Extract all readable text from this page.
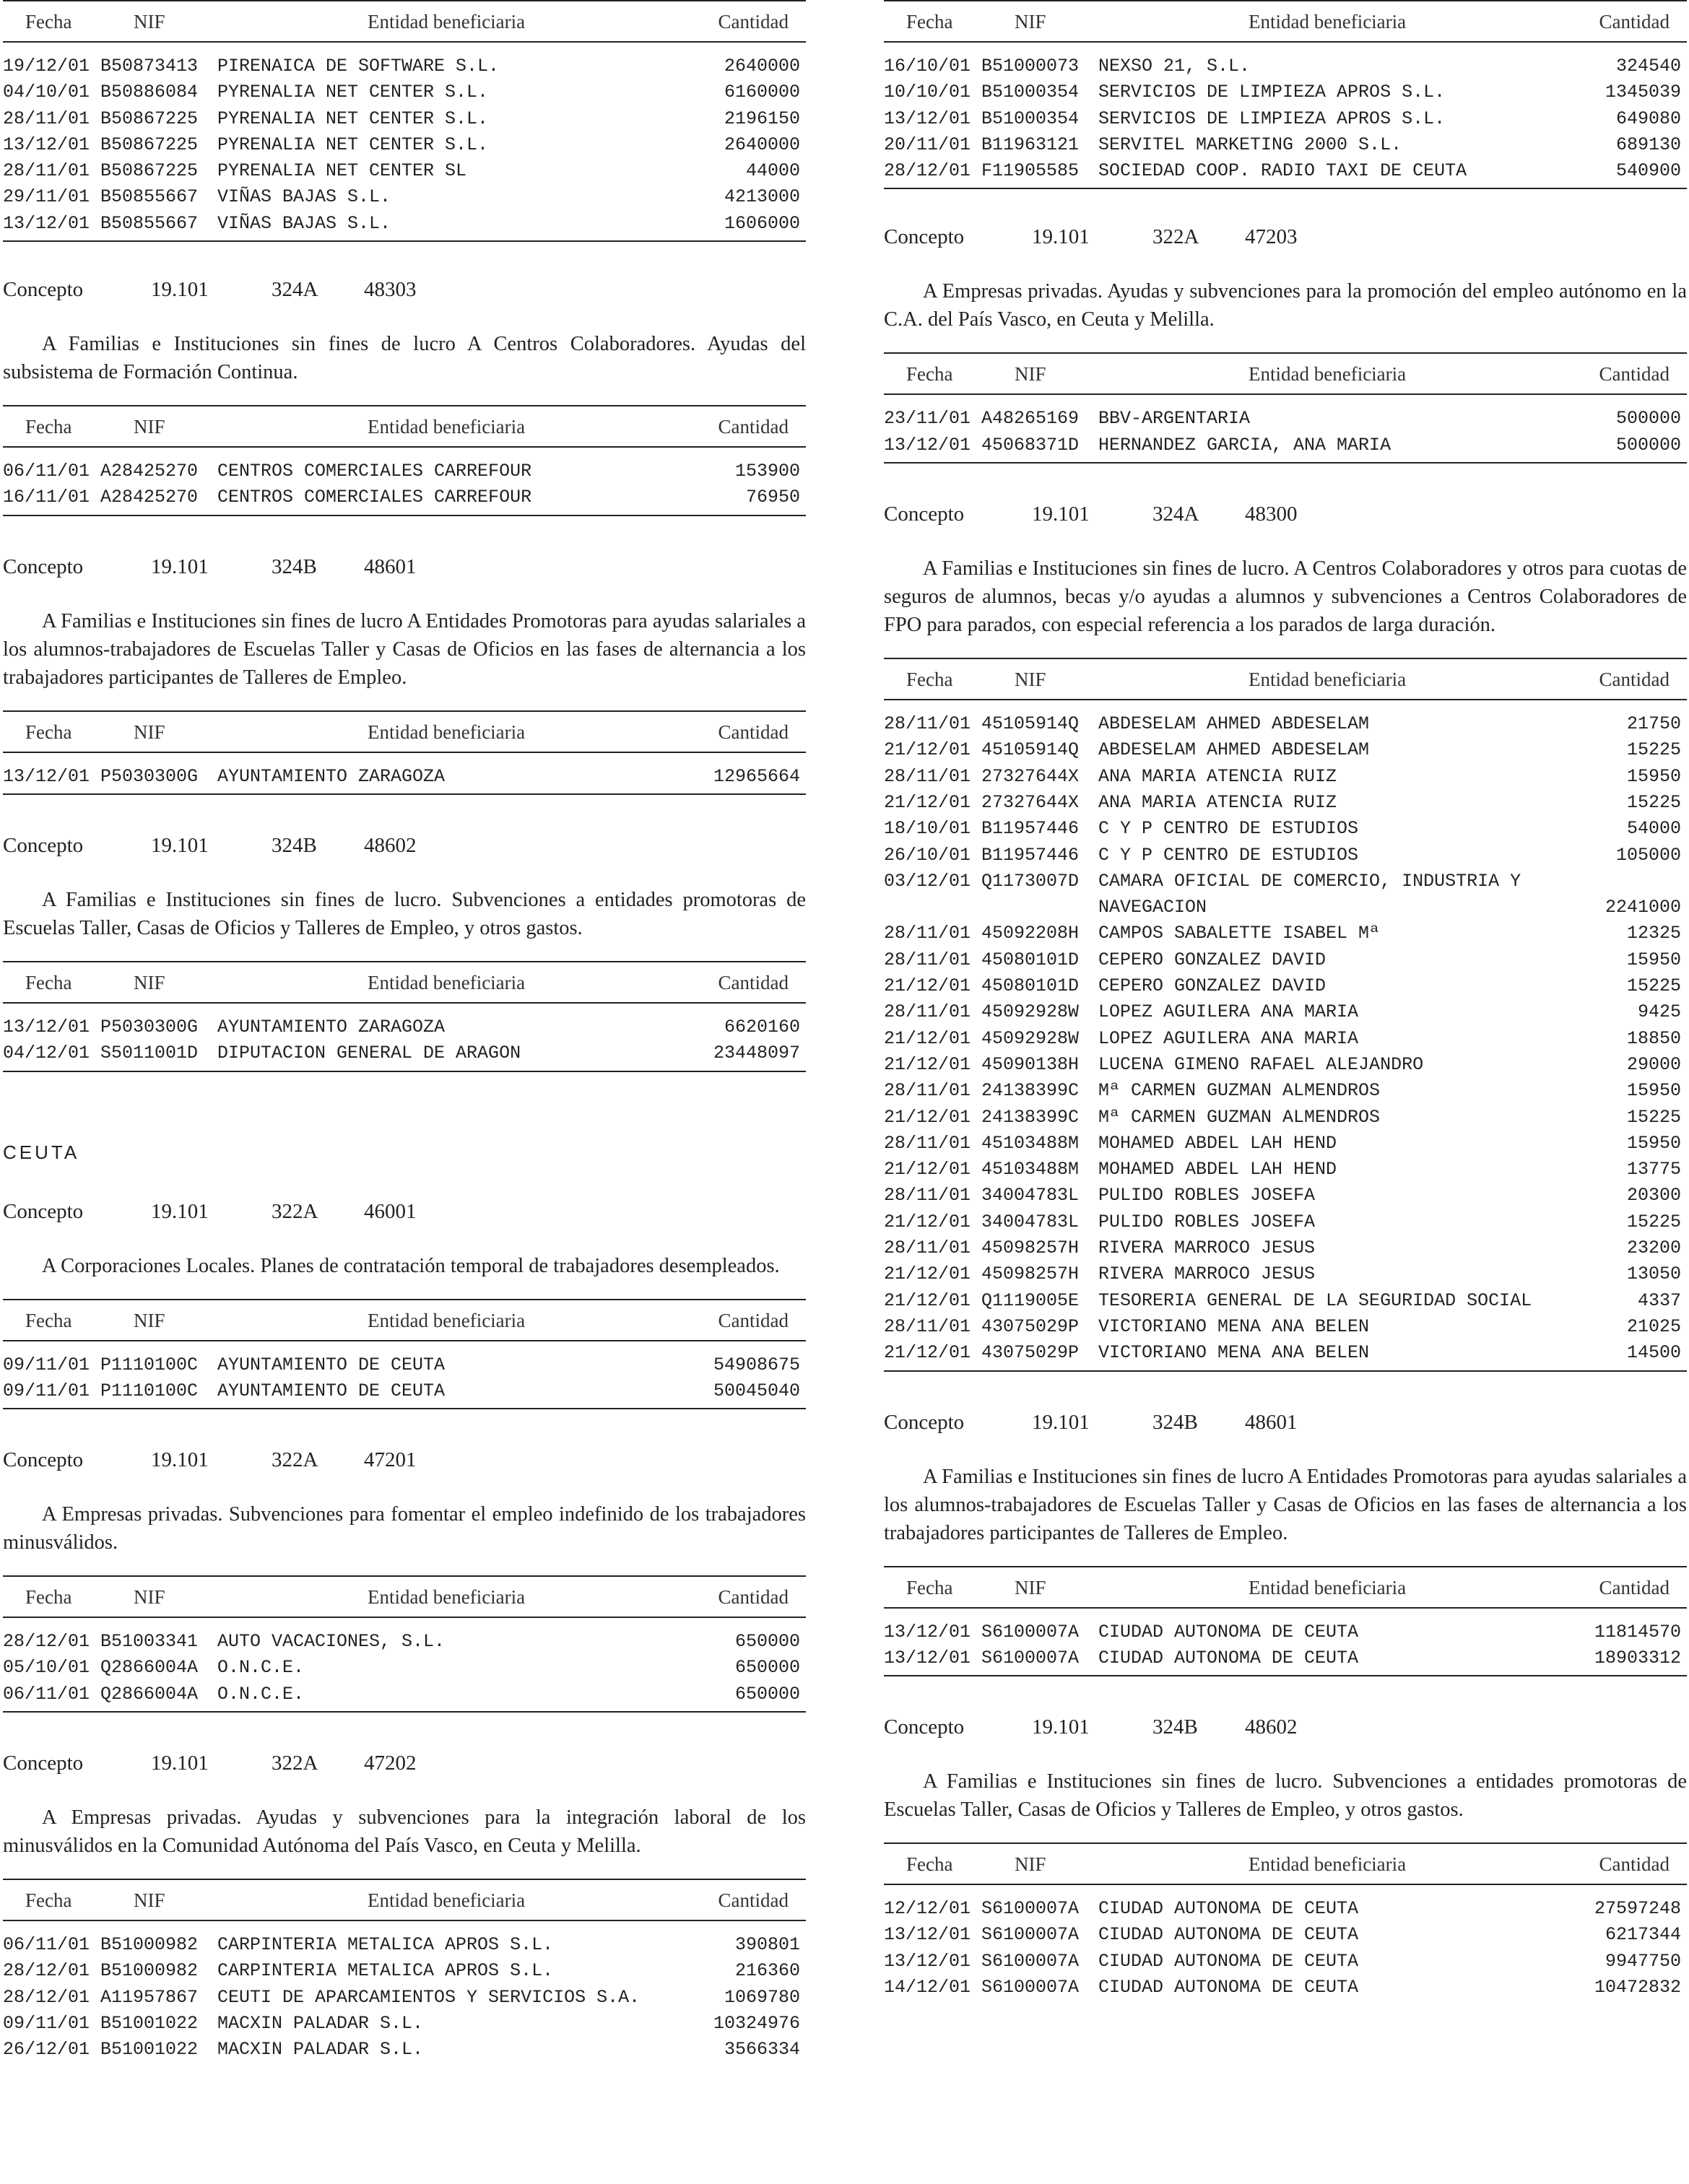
Fecha	NIF	Entidad beneficiaria	Cantidad
19/12/01 B50873413 PIRENAICA DE SOFTWARE S.L.	2640000
04/10/01 B50886084 PYRENALIA NET CENTER S.L.	6160000
28/11/01 B50867225 PYRENALIA NET CENTER S.L.	2196150
13/12/01 B50867225 PYRENALIA NET CENTER S.L.	2640000
28/11/01 B50867225 PYRENALIA NET CENTER SL	44000
29/11/01 B50855667 VIÑAS BAJAS S.L.	4213000
13/12/01 B50855667 VIÑAS BAJAS S.L.	1606000
Concepto	19.101	324A 48303

A Familias e Instituciones sin fines de lucro A Centros Colaboradores. Ayudas del subsistema de Formación Continua.

Fecha	NIF	Entidad beneficiaria	Cantidad
06/11/01 A28425270 CENTROS COMERCIALES CARREFOUR	153900
16/11/01 A28425270 CENTROS COMERCIALES CARREFOUR	76950
Concepto	19.101	324B 48601

A Familias e Instituciones sin fines de lucro A Entidades Promotoras para ayudas salariales a los alumnos-trabajadores de Escuelas Taller y Casas de Oficios en las fases de alternancia a los trabajadores participantes de Talleres de Empleo.

Fecha	NIF	Entidad beneficiaria	Cantidad
13/12/01 P5030300G AYUNTAMIENTO ZARAGOZA	12965664
Concepto	19.101	324B 48602

A Familias e Instituciones sin fines de lucro. Subvenciones a entidades promotoras de Escuelas Taller, Casas de Oficios y Talleres de Empleo, y otros gastos.

Fecha	NIF	Entidad beneficiaria	Cantidad
13/12/01 P5030300G AYUNTAMIENTO ZARAGOZA	6620160
04/12/01 S5011001D DIPUTACION GENERAL DE ARAGON	23448097
CEUTA
Concepto	19.101	322A 46001

A Corporaciones Locales. Planes de contratación temporal de trabajadores desempleados.

Fecha	NIF	Entidad beneficiaria	Cantidad
09/11/01 P1110100C AYUNTAMIENTO DE CEUTA	54908675
09/11/01 P1110100C AYUNTAMIENTO DE CEUTA	50045040
Concepto	19.101	322A 47201

A Empresas privadas. Subvenciones para fomentar el empleo indefinido de los trabajadores minusválidos.

Fecha	NIF	Entidad beneficiaria	Cantidad
28/12/01 B51003341 AUTO VACACIONES, S.L.	650000
05/10/01 Q2866004A O.N.C.E.	650000
06/11/01 Q2866004A O.N.C.E.	650000
Concepto	19.101	322A 47202

A Empresas privadas. Ayudas y subvenciones para la integración laboral de los minusválidos en la Comunidad Autónoma del País Vasco, en Ceuta y Melilla.

Fecha	NIF	Entidad beneficiaria	Cantidad
06/11/01 B51000982 CARPINTERIA METALICA APROS S.L.	390801
28/12/01 B51000982 CARPINTERIA METALICA APROS S.L.	216360
28/12/01 A11957867 CEUTI DE APARCAMIENTOS Y SERVICIOS S.A.	1069780
09/11/01 B51001022 MACXIN PALADAR S.L.	10324976
26/12/01 B51001022 MACXIN PALADAR S.L.	3566334
Fecha	NIF	Entidad beneficiaria	Cantidad
16/10/01 B51000073 NEXSO 21, S.L.	324540
10/10/01 B51000354 SERVICIOS DE LIMPIEZA APROS S.L.	1345039
13/12/01 B51000354 SERVICIOS DE LIMPIEZA APROS S.L.	649080
20/11/01 B11963121 SERVITEL MARKETING 2000 S.L.	689130
28/12/01 F11905585 SOCIEDAD COOP. RADIO TAXI DE CEUTA	540900
Concepto	19.101	322A 47203

A Empresas privadas. Ayudas y subvenciones para la promoción del empleo autónomo en la C.A. del País Vasco, en Ceuta y Melilla.

Fecha	NIF	Entidad beneficiaria	Cantidad
23/11/01 A48265169 BBV-ARGENTARIA	500000
13/12/01 45068371D HERNANDEZ GARCIA, ANA MARIA	500000
Concepto	19.101	324A 48300

A Familias e Instituciones sin fines de lucro. A Centros Colaboradores y otros para cuotas de seguros de alumnos, becas y/o ayudas a alumnos y subvenciones a Centros Colaboradores de FPO para parados, con especial referencia a los parados de larga duración.

Fecha	NIF	Entidad beneficiaria	Cantidad
28/11/01 45105914Q ABDESELAM AHMED ABDESELAM	21750
21/12/01 45105914Q ABDESELAM AHMED ABDESELAM	15225
28/11/01 27327644X ANA MARIA ATENCIA RUIZ	15950
21/12/01 27327644X ANA MARIA ATENCIA RUIZ	15225
18/10/01 B11957446 C Y P CENTRO DE ESTUDIOS	54000
26/10/01 B11957446 C Y P CENTRO DE ESTUDIOS	105000
03/12/01 Q1173007D CAMARA OFICIAL DE COMERCIO, INDUSTRIA Y
NAVEGACION	2241000
28/11/01 45092208H CAMPOS SABALETTE ISABEL Mª	12325
28/11/01 45080101D CEPERO GONZALEZ DAVID	15950
21/12/01 45080101D CEPERO GONZALEZ DAVID	15225
28/11/01 45092928W LOPEZ AGUILERA ANA MARIA	9425
21/12/01 45092928W LOPEZ AGUILERA ANA MARIA	18850
21/12/01 45090138H LUCENA GIMENO RAFAEL ALEJANDRO	29000
28/11/01 24138399C Mª CARMEN GUZMAN ALMENDROS	15950
21/12/01 24138399C Mª CARMEN GUZMAN ALMENDROS	15225
28/11/01 45103488M MOHAMED ABDEL LAH HEND	15950
21/12/01 45103488M MOHAMED ABDEL LAH HEND	13775
28/11/01 34004783L PULIDO ROBLES JOSEFA	20300
21/12/01 34004783L PULIDO ROBLES JOSEFA	15225
28/11/01 45098257H RIVERA MARROCO JESUS	23200
21/12/01 45098257H RIVERA MARROCO JESUS	13050
21/12/01 Q1119005E TESORERIA GENERAL DE LA SEGURIDAD SOCIAL	4337
28/11/01 43075029P VICTORIANO MENA ANA BELEN	21025
21/12/01 43075029P VICTORIANO MENA ANA BELEN	14500
Concepto	19.101	324B 48601

A Familias e Instituciones sin fines de lucro A Entidades Promotoras para ayudas salariales a los alumnos-trabajadores de Escuelas Taller y Casas de Oficios en las fases de alternancia a los trabajadores participantes de Talleres de Empleo.

Fecha	NIF	Entidad beneficiaria	Cantidad
13/12/01 S6100007A CIUDAD AUTONOMA DE CEUTA	11814570
13/12/01 S6100007A CIUDAD AUTONOMA DE CEUTA	18903312
Concepto	19.101	324B 48602

A Familias e Instituciones sin fines de lucro. Subvenciones a entidades promotoras de Escuelas Taller, Casas de Oficios y Talleres de Empleo, y otros gastos.

Fecha	NIF	Entidad beneficiaria	Cantidad
12/12/01 S6100007A CIUDAD AUTONOMA DE CEUTA	27597248
13/12/01 S6100007A CIUDAD AUTONOMA DE CEUTA	6217344
13/12/01 S6100007A CIUDAD AUTONOMA DE CEUTA	9947750
14/12/01 S6100007A CIUDAD AUTONOMA DE CEUTA	10472832
